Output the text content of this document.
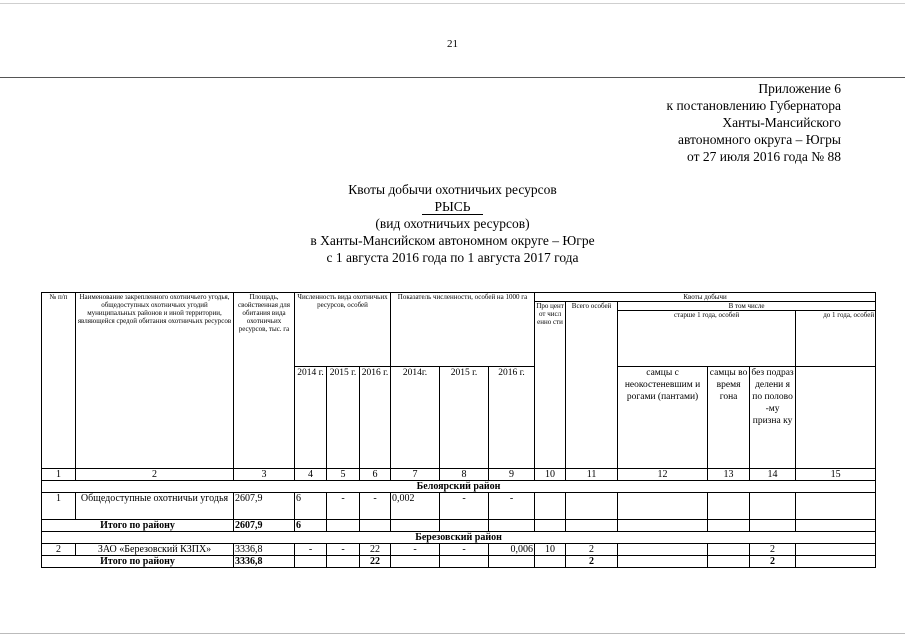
21
Приложение 6
к постановлению Губернатора
Ханты-Мансийского
автономного округа – Югры
от 27 июля 2016 года № 88
Квоты добычи охотничьих ресурсов
РЫСЬ
(вид охотничьих ресурсов)
в Ханты-Мансийском автономном округе – Югре
с 1 августа 2016 года по 1 августа 2017 года
№ п/п	Наименование закрепленного охотничьего угодья, общедоступных охотничьих угодий муниципальных районов и иной территории, являющейся средой обитания охотничьих ресурсов	Площадь, свойственная для обитания вида охотничьих ресурсов, тыс. га	Численность вида охотничьих ресурсов, особей			Показатель численности, особей на 1000 га			Квоты добычи					
									Про цент от числ енно сти	Всего особей	В том числе			
											старше 1 года, особей			до 1 года, особей
			2014 г.	2015 г.	2016 г.	2014г.	2015 г.	2016 г.			самцы с неокостеневшим и рогами (пантами)	самцы во время гона	без подраз делени я по полово -му призна ку	
1	2	3	4	5	6	7	8	9	10	11	12	13	14	15
Белоярский район														
1	Общедоступные охотничьи угодья	2607,9	6	-	-	0,002	-	-						
Итого по району		2607,9	6											
Березовский район														
2	ЗАО «Березовский КЗПХ»	3336,8	-	-	22	-	-	0,006	10	2			2	
Итого по району		3336,8			22					2			2	
